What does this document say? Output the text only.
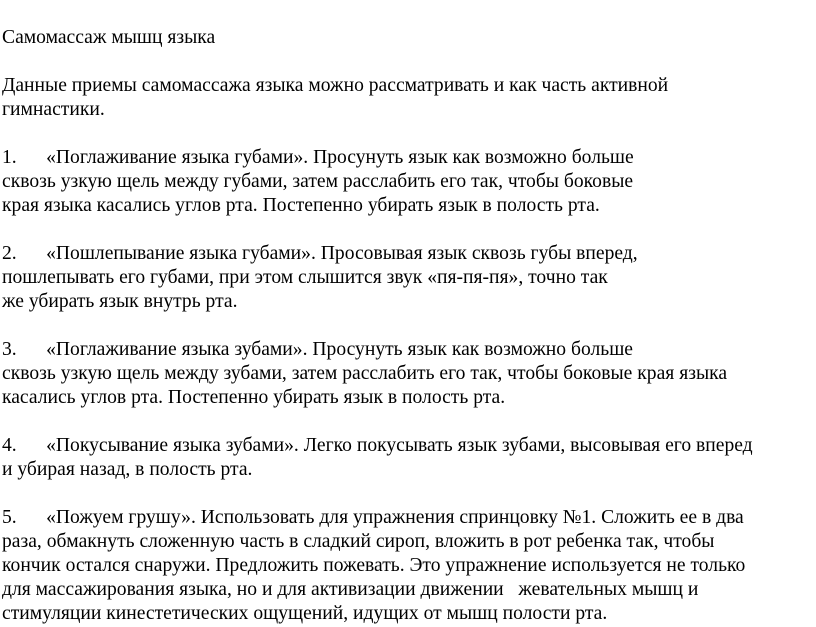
Самомассаж мышц языка
Данные приемы самомассажа языка можно рассматривать и как часть активной
гимнастики.
1.      «Поглаживание языка губами». Просунуть язык как возможно больше
сквозь узкую щель между губами, затем расслабить его так, чтобы боковые
края языка касались углов рта. Постепенно убирать язык в полость рта.
2.      «Пошлепывание языка губами». Просовывая язык сквозь губы вперед,
пошлепывать его губами, при этом слышится звук «пя-пя-пя», точно так
же убирать язык внутрь рта.
3.      «Поглаживание языка зубами». Просунуть язык как возможно больше
сквозь узкую щель между зубами, затем расслабить его так, чтобы боковые края языка
касались углов рта. Постепенно убирать язык в полость рта.
4.      «Покусывание языка зубами». Легко покусывать язык зубами, высовывая его вперед
и убирая назад, в полость рта.
5.      «Пожуем грушу». Использовать для упражнения спринцовку №1. Сложить ее в два
раза, обмакнуть сложенную часть в сладкий сироп, вложить в рот ребенка так, чтобы
кончик остался снаружи. Предложить пожевать. Это упражнение используется не только
для массажирования языка, но и для активизации движении   жевательных мышц и
стимуляции кинестетических ощущений, идущих от мышц полости рта.
